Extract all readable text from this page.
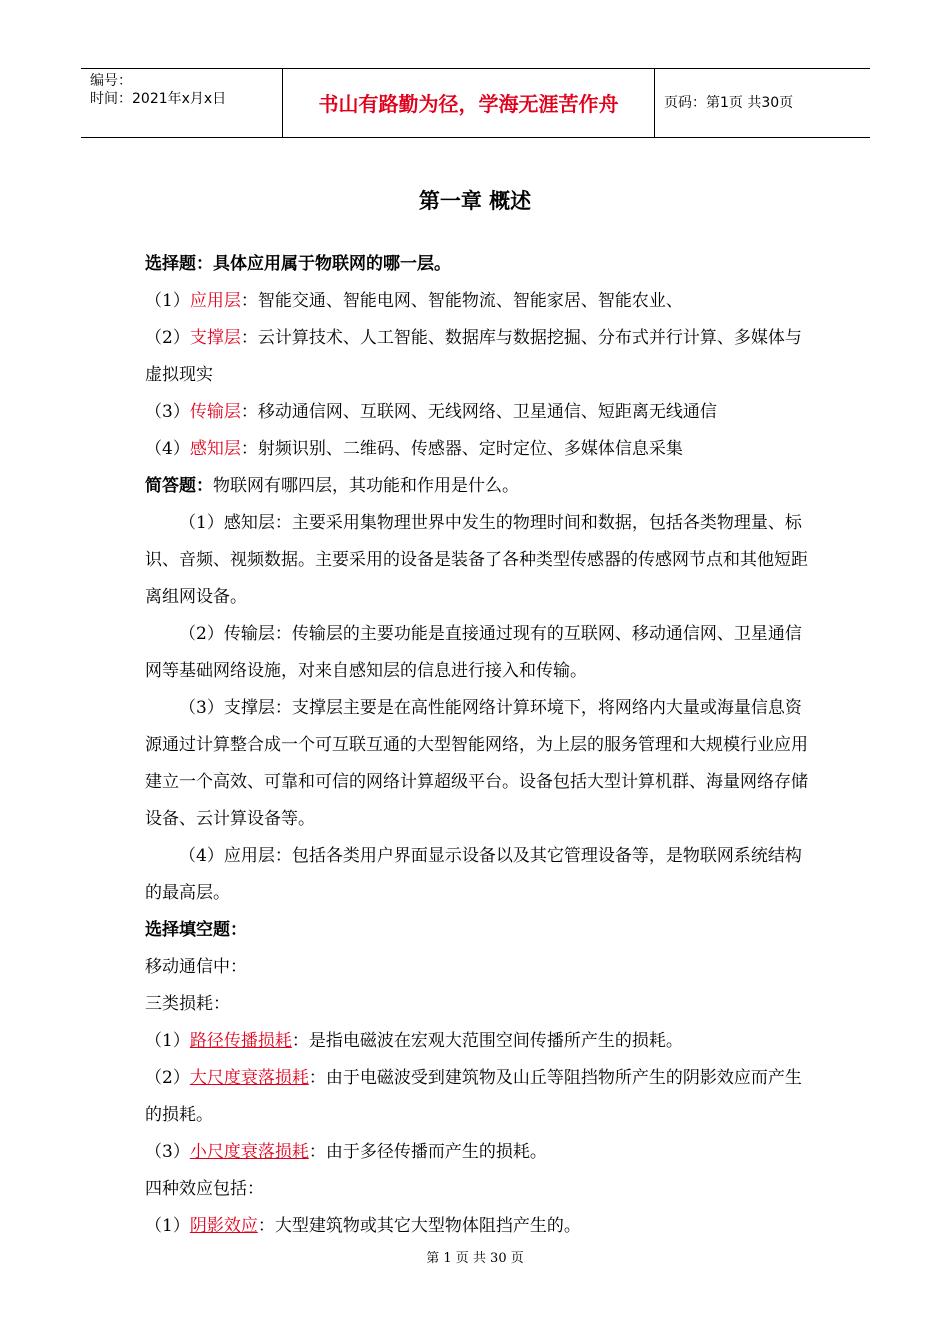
编号：
时间：2021年x月x日	书山有路勤为径，学海无涯苦作舟	页码：第1页 共30页
第一章 概述

选择题：具体应用属于物联网的哪一层。

（1）应用层：智能交通、智能电网、智能物流、智能家居、智能农业、

（2）支撑层：云计算技术、人工智能、数据库与数据挖掘、分布式并行计算、多媒体与虚拟现实

（3）传输层：移动通信网、互联网、无线网络、卫星通信、短距离无线通信

（4）感知层：射频识别、二维码、传感器、定时定位、多媒体信息采集

简答题：物联网有哪四层，其功能和作用是什么。

（1）感知层：主要采用集物理世界中发生的物理时间和数据，包括各类物理量、标识、音频、视频数据。主要采用的设备是装备了各种类型传感器的传感网节点和其他短距离组网设备。

（2）传输层：传输层的主要功能是直接通过现有的互联网、移动通信网、卫星通信网等基础网络设施，对来自感知层的信息进行接入和传输。

（3）支撑层：支撑层主要是在高性能网络计算环境下，将网络内大量或海量信息资源通过计算整合成一个可互联互通的大型智能网络，为上层的服务管理和大规模行业应用建立一个高效、可靠和可信的网络计算超级平台。设备包括大型计算机群、海量网络存储设备、云计算设备等。

（4）应用层：包括各类用户界面显示设备以及其它管理设备等，是物联网系统结构的最高层。

选择填空题：

移动通信中：

三类损耗：

（1）路径传播损耗：是指电磁波在宏观大范围空间传播所产生的损耗。

（2）大尺度衰落损耗：由于电磁波受到建筑物及山丘等阻挡物所产生的阴影效应而产生的损耗。

（3）小尺度衰落损耗：由于多径传播而产生的损耗。

四种效应包括：

（1）阴影效应：大型建筑物或其它大型物体阻挡产生的。

第 1 页 共 30 页
